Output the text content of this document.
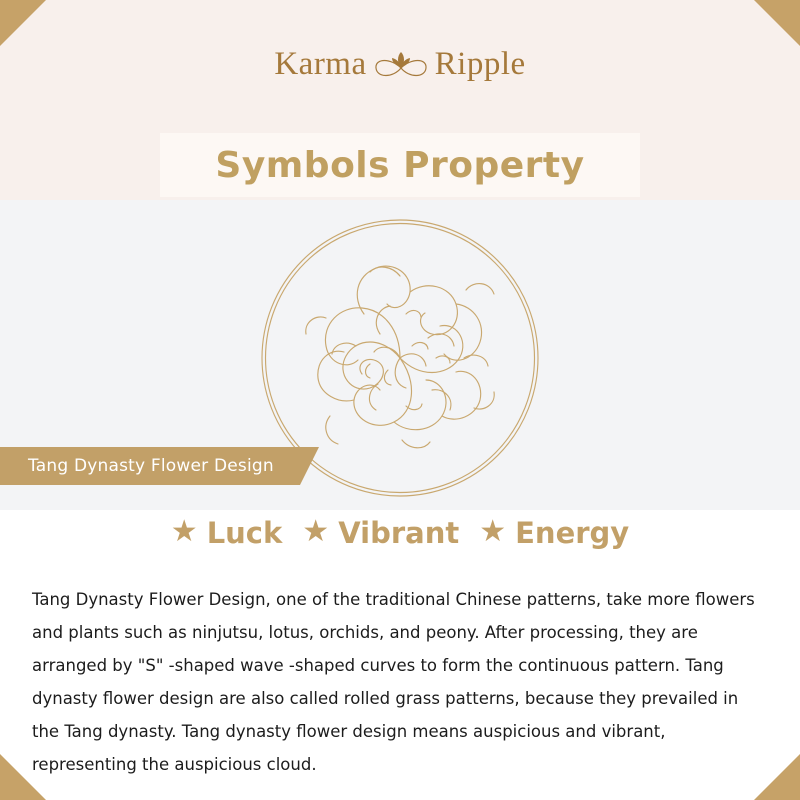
Karma Ripple
Symbols Property
Tang Dynasty Flower Design
★ Luck ★ Vibrant ★ Energy

Tang Dynasty Flower Design, one of the traditional Chinese patterns, take more flowers and plants such as ninjutsu, lotus, orchids, and peony. After processing, they are arranged by "S" -shaped wave -shaped curves to form the continuous pattern. Tang dynasty flower design are also called rolled grass patterns, because they prevailed in the Tang dynasty. Tang dynasty flower design means auspicious and vibrant, representing the auspicious cloud.
